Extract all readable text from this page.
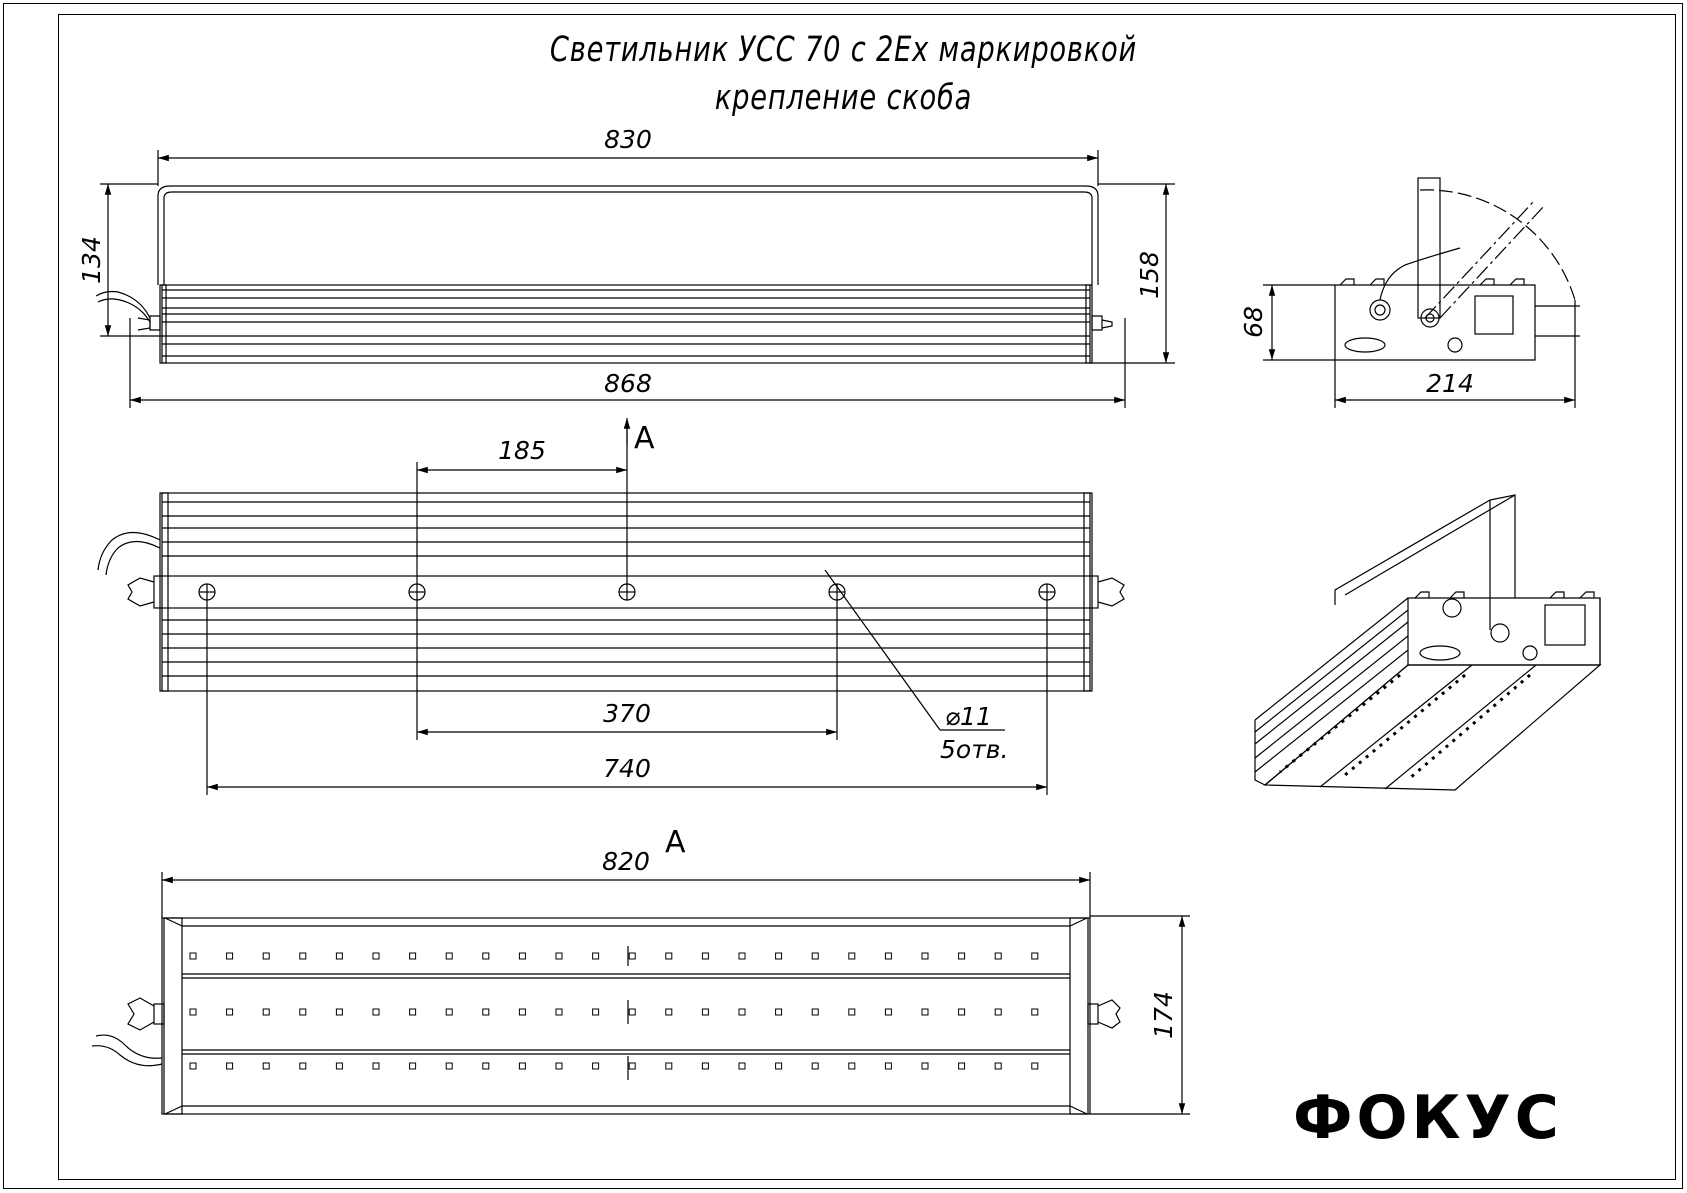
Светильник УСС 70 с 2Ex маркировкой
крепление скоба
830
868
134	158
68
214
185	А
370
740
⌀11
5отв.
820
А
174
ФОКУС
